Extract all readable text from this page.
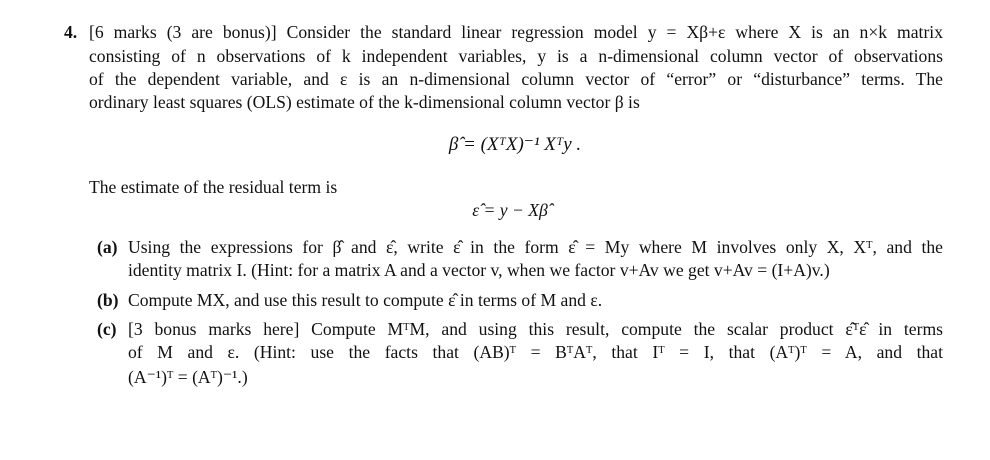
4. [6 marks (3 are bonus)] Consider the standard linear regression model y = Xβ+ε where X is an n×k matrix
consisting of n observations of k independent variables, y is a n-dimensional column vector of observations
of the dependent variable, and ε is an n-dimensional column vector of “error” or “disturbance” terms. The
ordinary least squares (OLS) estimate of the k-dimensional column vector β is
β̂ = (XᵀX)⁻¹ Xᵀy .
The estimate of the residual term is
ε̂ = y − Xβ̂
(a) Using the expressions for β̂ and ε̂, write ε̂ in the form ε̂ = My where M involves only X, Xᵀ, and the
identity matrix I. (Hint: for a matrix A and a vector v, when we factor v+Av we get v+Av = (I+A)v.)
(b) Compute MX, and use this result to compute ε̂ in terms of M and ε.
(c) [3 bonus marks here] Compute MᵀM, and using this result, compute the scalar product ε̂ᵀε̂ in terms
of M and ε. (Hint: use the facts that (AB)ᵀ = BᵀAᵀ, that Iᵀ = I, that (Aᵀ)ᵀ = A, and that
(A⁻¹)ᵀ = (Aᵀ)⁻¹.)
